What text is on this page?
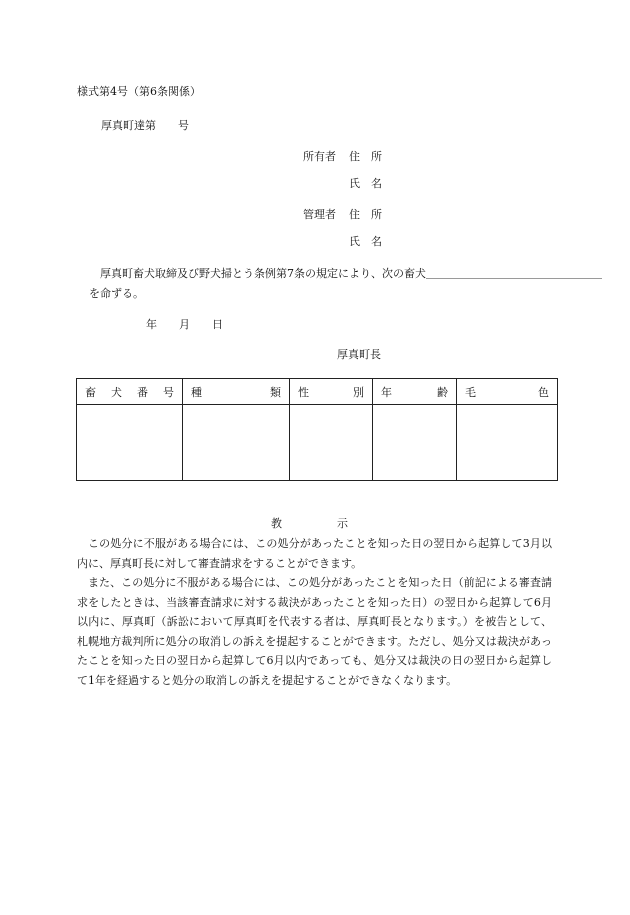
様式第4号（第6条関係）
厚真町達第　　号
所有者 住　所
氏　名
管理者 住　所
氏　名
厚真町畜犬取締及び野犬掃とう条例第7条の規定により、次の畜犬＿＿＿＿＿＿＿＿＿＿＿＿＿＿＿＿
を命ずる。
年　　月　　日
厚真町長
畜 犬 番 号	種 類	性 別	年 齢	毛 色

教　　　　　示

この処分に不服がある場合には、この処分があったことを知った日の翌日から起算して3月以内に、厚真町長に対して審査請求をすることができます。

また、この処分に不服がある場合には、この処分があったことを知った日（前記による審査請求をしたときは、当該審査請求に対する裁決があったことを知った日）の翌日から起算して6月以内に、厚真町（訴訟において厚真町を代表する者は、厚真町長となります。）を被告として、札幌地方裁判所に処分の取消しの訴えを提起することができます。ただし、処分又は裁決があったことを知った日の翌日から起算して6月以内であっても、処分又は裁決の日の翌日から起算して1年を経過すると処分の取消しの訴えを提起することができなくなります。
